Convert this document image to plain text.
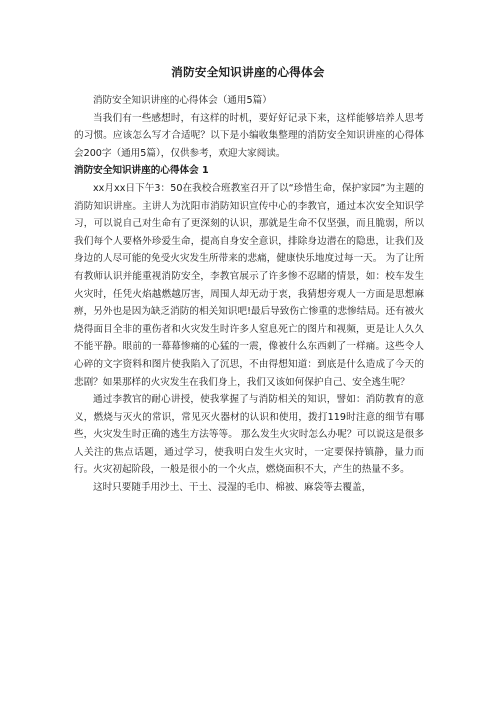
消防安全知识讲座的心得体会

消防安全知识讲座的心得体会（通用5篇）

当我们有一些感想时，有这样的时机，要好好记录下来，这样能够培养人思考的习惯。应该怎么写才合适呢？以下是小编收集整理的消防安全知识讲座的心得体会200字（通用5篇），仅供参考，欢迎大家阅读。

消防安全知识讲座的心得体会 1

xx月xx日下午3：50在我校合班教室召开了以“珍惜生命，保护家园”为主题的消防知识讲座。主讲人为沈阳市消防知识宣传中心的李教官，通过本次安全知识学习，可以说自己对生命有了更深刻的认识，那就是生命不仅坚强，而且脆弱，所以我们每个人要格外珍爱生命，提高自身安全意识，排除身边潜在的隐患，让我们及身边的人尽可能的免受火灾发生所带来的悲痛，健康快乐地度过每一天。 为了让所有教师认识并能重视消防安全，李教官展示了许多惨不忍睹的情景，如：校车发生火灾时，任凭火焰越燃越厉害，周围人却无动于衷，我猜想旁观人一方面是思想麻痹，另外也是因为缺乏消防的相关知识吧!最后导致伤亡惨重的悲惨结局。还有被火烧得面目全非的重伤者和火灾发生时许多人窒息死亡的图片和视频，更是让人久久不能平静。眼前的一幕幕惨痛的心猛的一震，像被什么东西刺了一样痛。这些令人心碎的文字资料和图片使我陷入了沉思，不由得想知道：到底是什么造成了今天的悲剧？如果那样的火灾发生在我们身上，我们又该如何保护自己、安全逃生呢？

通过李教官的耐心讲授，使我掌握了与消防相关的知识，譬如：消防教育的意义，燃烧与灭火的常识，常见灭火器材的认识和使用，拨打119时注意的细节有哪些，火灾发生时正确的逃生方法等等。 那么发生火灾时怎么办呢？可以说这是很多人关注的焦点话题，通过学习，使我明白发生火灾时，一定要保持镇静，量力而行。火灾初起阶段，一般是很小的一个火点，燃烧面积不大，产生的热量不多。

这时只要随手用沙土、干土、浸湿的毛巾、棉被、麻袋等去覆盖，
